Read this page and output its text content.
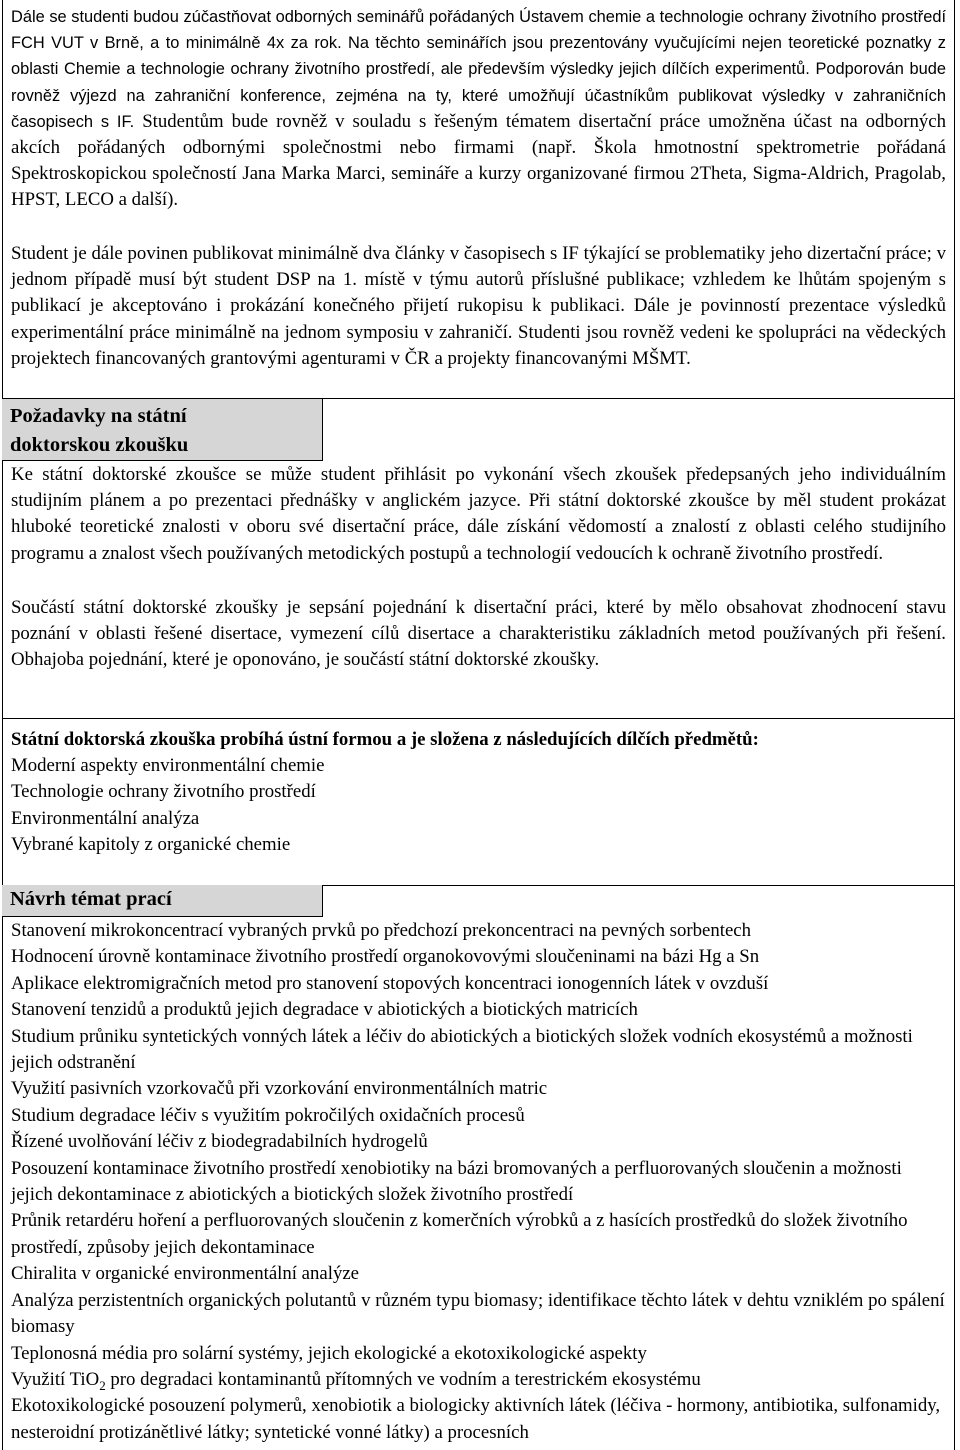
Dále se studenti budou zúčastňovat odborných seminářů pořádaných Ústavem chemie a technologie ochrany životního prostředí FCH VUT v Brně, a to minimálně 4x za rok. Na těchto seminářích jsou prezentovány vyučujícími nejen teoretické poznatky z oblasti Chemie a technologie ochrany životního prostředí, ale především výsledky jejich dílčích experimentů. Podporován bude rovněž výjezd na zahraniční konference, zejména na ty, které umožňují účastníkům publikovat výsledky v zahraničních časopisech s IF. Studentům bude rovněž v souladu s řešeným tématem disertační práce umožněna účast na odborných akcích pořádaných odbornými společnostmi nebo firmami (např. Škola hmotnostní spektrometrie pořádaná Spektroskopickou společností Jana Marka Marci, semináře a kurzy organizované firmou 2Theta, Sigma-Aldrich, Pragolab, HPST, LECO a další).

Student je dále povinen publikovat minimálně dva články v časopisech s IF týkající se problematiky jeho dizertační práce; v jednom případě musí být student DSP na 1. místě v týmu autorů příslušné publikace; vzhledem ke lhůtám spojeným s publikací je akceptováno i prokázání konečného přijetí rukopisu k publikaci. Dále je povinností prezentace výsledků experimentální práce minimálně na jednom symposiu v zahraničí. Studenti jsou rovněž vedeni ke spolupráci na vědeckých projektech financovaných grantovými agenturami v ČR a projekty financovanými MŠMT.

Ke státní doktorské zkoušce se může student přihlásit po vykonání všech zkoušek předepsaných jeho individuálním studijním plánem a po prezentaci přednášky v anglickém jazyce. Při státní doktorské zkoušce by měl student prokázat hluboké teoretické znalosti v oboru své disertační práce, dále získání vědomostí a znalostí z oblasti celého studijního programu a znalost všech používaných metodických postupů a technologií vedoucích k ochraně životního prostředí.

Součástí státní doktorské zkoušky je sepsání pojednání k disertační práci, které by mělo obsahovat zhodnocení stavu poznání v oblasti řešené disertace, vymezení cílů disertace a charakteristiku základních metod používaných při řešení. Obhajoba pojednání, které je oponováno, je součástí státní doktorské zkoušky.

Požadavky na státní
doktorskou zkoušku

Státní doktorská zkouška probíhá ústní formou a je složena z následujících dílčích předmětů:

Moderní aspekty environmentální chemie
Technologie ochrany životního prostředí
Environmentální analýza
Vybrané kapitoly z organické chemie
Stanovení mikrokoncentrací vybraných prvků po předchozí prekoncentraci na pevných sorbentech
Hodnocení úrovně kontaminace životního prostředí organokovovými sloučeninami na bázi Hg a Sn
Aplikace elektromigračních metod pro stanovení stopových koncentraci ionogenních látek v ovzduší
Stanovení tenzidů a produktů jejich degradace v abiotických a biotických matricích
Studium průniku syntetických vonných látek a léčiv do abiotických a biotických složek vodních ekosystémů a možnosti jejich odstranění
Využití pasivních vzorkovačů při vzorkování environmentálních matric
Studium degradace léčiv s využitím pokročilých oxidačních procesů
Řízené uvolňování léčiv z biodegradabilních hydrogelů
Posouzení kontaminace životního prostředí xenobiotiky na bázi bromovaných a perfluorovaných sloučenin a možnosti jejich dekontaminace z abiotických a biotických složek životního prostředí
Průnik retardéru hoření a perfluorovaných sloučenin z komerčních výrobků a z hasících prostředků do složek životního prostředí, způsoby jejich dekontaminace
Chiralita v organické environmentální analýze
Analýza perzistentních organických polutantů v různém typu biomasy; identifikace těchto látek v dehtu vzniklém po spálení biomasy
Teplonosná média pro solární systémy, jejich ekologické a ekotoxikologické aspekty
Využití TiO$_2$ pro degradaci kontaminantů přítomných ve vodním a terestrickém ekosystému
Ekotoxikologické posouzení polymerů, xenobiotik a biologicky aktivních látek (léčiva - hormony, antibiotika, sulfonamidy, nesteroidní protizánětlivé látky; syntetické vonné látky) a procesních
Návrh témat prací
